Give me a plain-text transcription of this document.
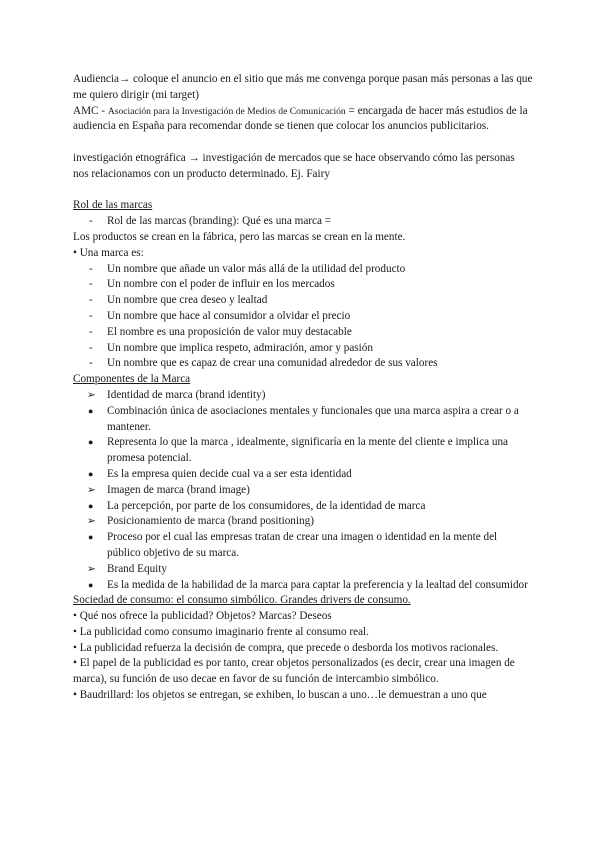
Audiencia→ coloque el anuncio en el sitio que más me convenga porque pasan más personas a las que me quiero dirigir (mi target)

AMC - Asociación para la Investigación de Medios de Comunicación = encargada de hacer más estudios de la audiencia en España para recomendar donde se tienen que colocar los anuncios publicitarios.

investigación etnográfica → investigación de mercados que se hace observando cómo las personas nos relacionamos con un producto determinado. Ej. Fairy

Rol de las marcas

-	Rol de las marcas (branding): Qué es una marca =

Los productos se crean en la fábrica, pero las marcas se crean en la mente.

• Una marca es:

-	Un nombre que añade un valor más allá de la utilidad del producto
-	Un nombre con el poder de influir en los mercados
-	Un nombre que crea deseo y lealtad
-	Un nombre que hace al consumidor a olvidar el precio
-	El nombre es una proposición de valor muy destacable
-	Un nombre que implica respeto, admiración, amor y pasión
-	Un nombre que es capaz de crear una comunidad alrededor de sus valores

Componentes de la Marca

➢ Identidad de marca (brand identity)
●	Combinación única de asociaciones mentales y funcionales que una marca aspira a crear o a mantener.
●	Representa lo que la marca , idealmente, significaría en la mente del cliente e implica una promesa potencial.
●	Es la empresa quien decide cual va a ser esta identidad
➢ Imagen de marca (brand image)
●	La percepción, por parte de los consumidores, de la identidad de marca
➢ Posicionamiento de marca (brand positioning)
●	Proceso por el cual las empresas tratan de crear una imagen o identidad en la mente del público objetivo de su marca.
➢ Brand Equity
●	Es la medida de la habilidad de la marca para captar la preferencia y la lealtad del consumidor

Sociedad de consumo: el consumo simbólico. Grandes drivers de consumo.

• Qué nos ofrece la publicidad? Objetos? Marcas? Deseos

• La publicidad como consumo imaginario frente al consumo real.

• La publicidad refuerza la decisión de compra, que precede o desborda los motivos racionales.

• El papel de la publicidad es por tanto, crear objetos personalizados (es decir, crear una imagen de marca), su función de uso decae en favor de su función de intercambio simbólico.

• Baudrillard: los objetos se entregan, se exhiben, lo buscan a uno…le demuestran a uno que
